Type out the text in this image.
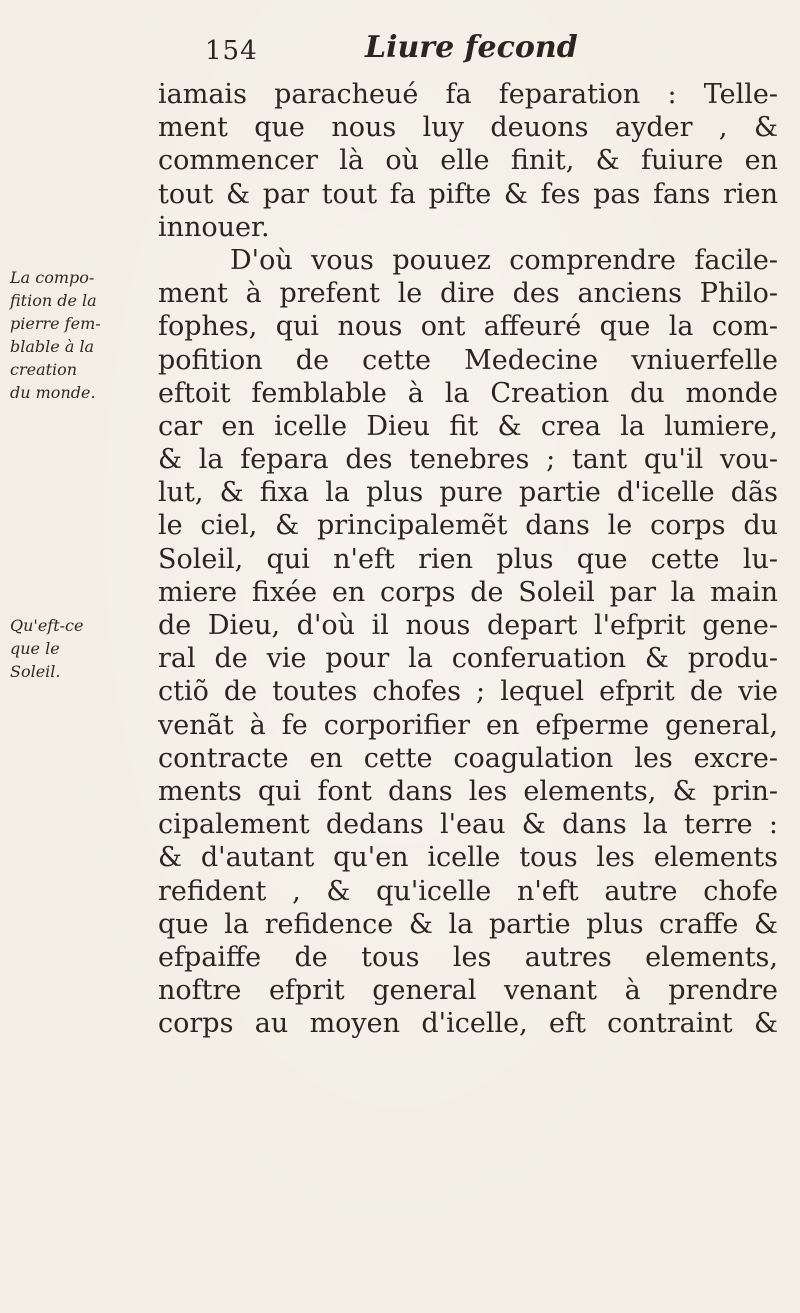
154	Liure fecond
La compo-
fition de la
pierre fem-
blable à la
creation
du monde.
Qu'eft-ce
que le
Soleil.
iamais paracheué fa feparation : Telle-
ment que nous luy deuons ayder , &
commencer là où elle finit, & fuiure en
tout & par tout fa pifte & fes pas fans rien
innouer.
D'où vous pouuez comprendre facile-
ment à prefent le dire des anciens Philo-
fophes, qui nous ont affeuré que la com-
pofition de cette Medecine vniuerfelle
eftoit femblable à la Creation du monde
car en icelle Dieu fit & crea la lumiere,
& la fepara des tenebres ; tant qu'il vou-
lut, & fixa la plus pure partie d'icelle dãs
le ciel, & principalemẽt dans le corps du
Soleil, qui n'eft rien plus que cette lu-
miere fixée en corps de Soleil par la main
de Dieu, d'où il nous depart l'efprit gene-
ral de vie pour la conferuation & produ-
ctiõ de toutes chofes ; lequel efprit de vie
venãt à fe corporifier en efperme general,
contracte en cette coagulation les excre-
ments qui font dans les elements, & prin-
cipalement dedans l'eau & dans la terre :
& d'autant qu'en icelle tous les elements
refident , & qu'icelle n'eft autre chofe
que la refidence & la partie plus craffe &
efpaiffe de tous les autres elements,
noftre efprit general venant à prendre
corps au moyen d'icelle, eft contraint &
